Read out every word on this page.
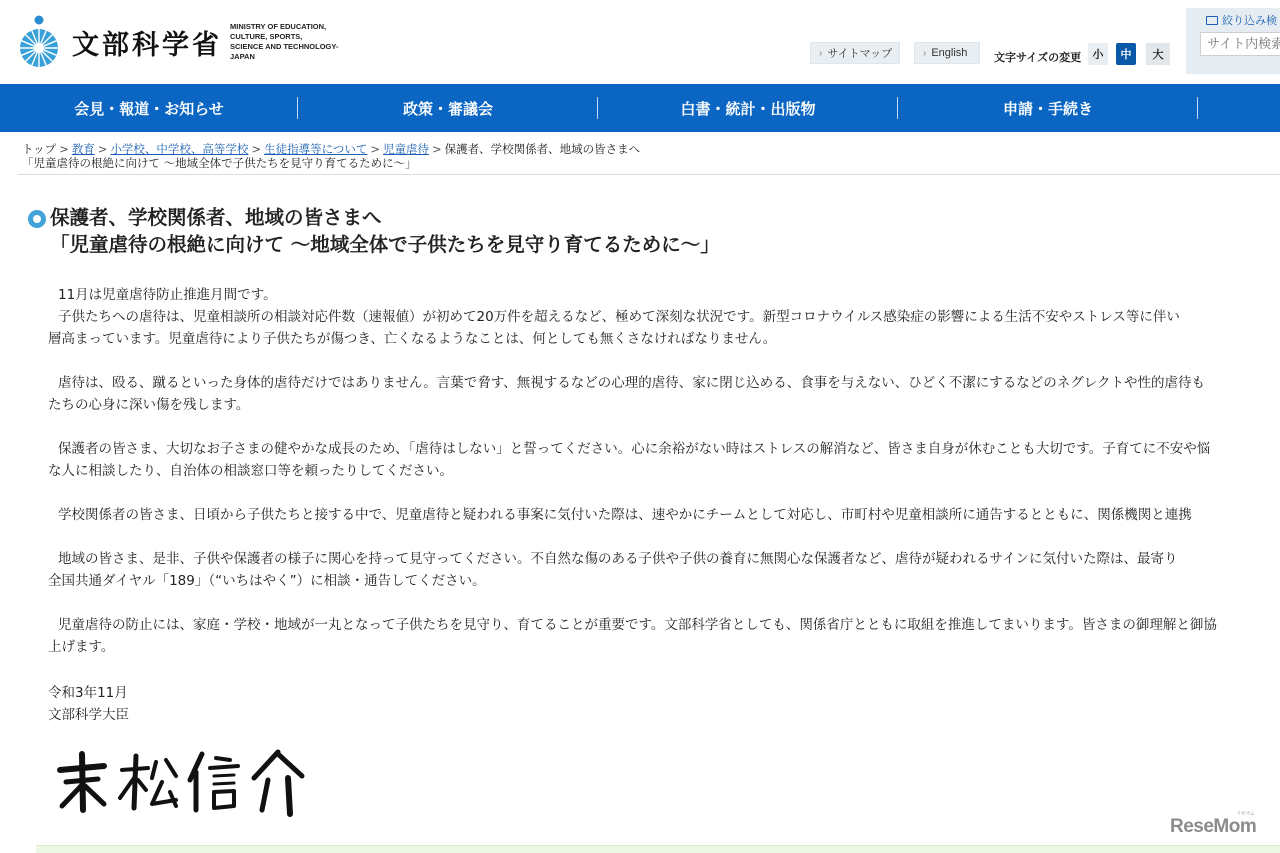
文部科学省
MINISTRY OF EDUCATION,
CULTURE, SPORTS,
SCIENCE AND TECHNOLOGY-JAPAN	› サイトマップ	› English 文字サイズの変更	小	中	大
絞り込み検
サイト内検索
会見・報道・お知らせ	政策・審議会	白書・統計・出版物	申請・手続き
トップ > 教育 > 小学校、中学校、高等学校 > 生徒指導等について > 児童虐待 > 保護者、学校関係者、地域の皆さまへ
「児童虐待の根絶に向けて ～地域全体で子供たちを見守り育てるために～」
保護者、学校関係者、地域の皆さまへ
「児童虐待の根絶に向けて ～地域全体で子供たちを見守り育てるために～」

11月は児童虐待防止推進月間です。
子供たちへの虐待は、児童相談所の相談対応件数（速報値）が初めて20万件を超えるなど、極めて深刻な状況です。新型コロナウイルス感染症の影響による生活不安やストレス等に伴い
層高まっています。児童虐待により子供たちが傷つき、亡くなるようなことは、何としても無くさなければなりません。

虐待は、殴る、蹴るといった身体的虐待だけではありません。言葉で脅す、無視するなどの心理的虐待、家に閉じ込める、食事を与えない、ひどく不潔にするなどのネグレクトや性的虐待も
たちの心身に深い傷を残します。

保護者の皆さま、大切なお子さまの健やかな成長のため、「虐待はしない」と誓ってください。心に余裕がない時はストレスの解消など、皆さま自身が休むことも大切です。子育てに不安や悩
な人に相談したり、自治体の相談窓口等を頼ったりしてください。

学校関係者の皆さま、日頃から子供たちと接する中で、児童虐待と疑われる事案に気付いた際は、速やかにチームとして対応し、市町村や児童相談所に通告するとともに、関係機関と連携

地域の皆さま、是非、子供や保護者の様子に関心を持って見守ってください。不自然な傷のある子供や子供の養育に無関心な保護者など、虐待が疑われるサインに気付いた際は、最寄り
全国共通ダイヤル「189」（“いちはやく”）に相談・通告してください。

児童虐待の防止には、家庭・学校・地域が一丸となって子供たちを見守り、育てることが重要です。文部科学省としても、関係省庁とともに取組を推進してまいります。皆さまの御理解と御協
上げます。

令和3年11月
文部科学大臣
ReseMom
リセマム
